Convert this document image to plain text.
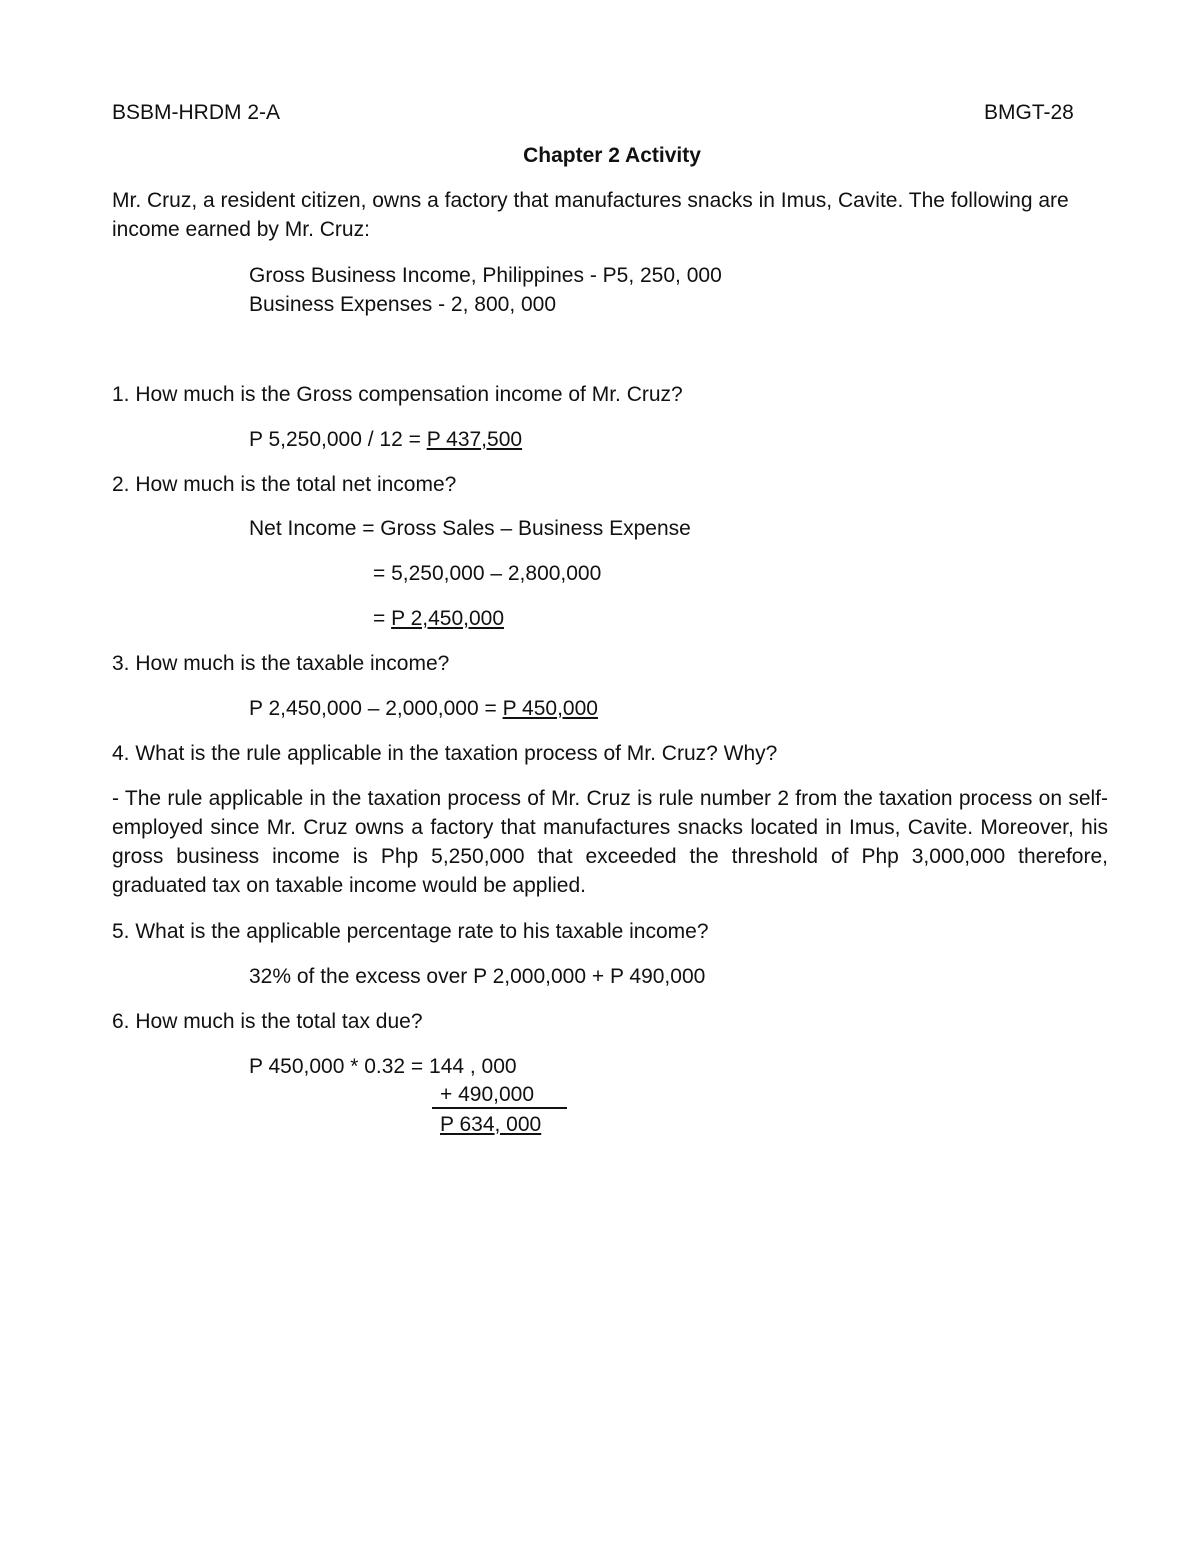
BSBM-HRDM 2-A	BMGT-28
Chapter 2 Activity
Mr. Cruz, a resident citizen, owns a factory that manufactures snacks in Imus, Cavite. The following are income earned by Mr. Cruz:
Gross Business Income, Philippines - P5, 250, 000
Business Expenses - 2, 800, 000
1. How much is the Gross compensation income of Mr. Cruz?
P 5,250,000 / 12 = P 437,500
2. How much is the total net income?
Net Income = Gross Sales – Business Expense
= 5,250,000 – 2,800,000
= P 2,450,000
3. How much is the taxable income?
P 2,450,000 – 2,000,000 = P 450,000
4. What is the rule applicable in the taxation process of Mr. Cruz? Why?
- The rule applicable in the taxation process of Mr. Cruz is rule number 2 from the taxation process on self-employed since Mr. Cruz owns a factory that manufactures snacks located in Imus, Cavite. Moreover, his gross business income is Php 5,250,000 that exceeded the threshold of Php 3,000,000 therefore, graduated tax on taxable income would be applied.
5. What is the applicable percentage rate to his taxable income?
32% of the excess over P 2,000,000 + P 490,000
6. How much is the total tax due?
P 450,000 * 0.32 = 144 , 000
+ 490,000
P 634, 000
